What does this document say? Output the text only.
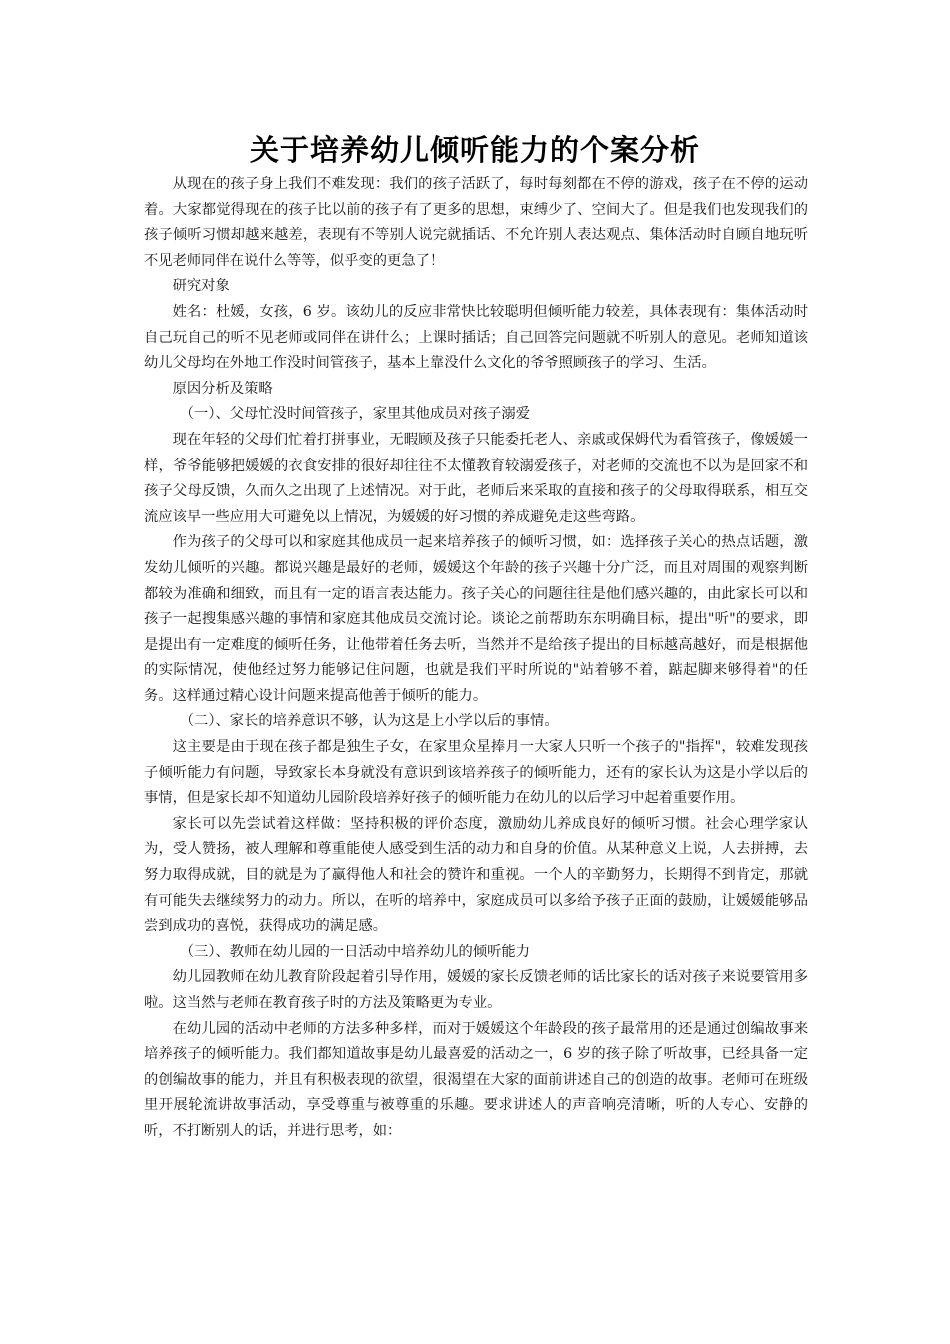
关于培养幼儿倾听能力的个案分析

从现在的孩子身上我们不难发现：我们的孩子活跃了，每时每刻都在不停的游戏，孩子在不停的运动着。大家都觉得现在的孩子比以前的孩子有了更多的思想，束缚少了、空间大了。但是我们也发现我们的孩子倾听习惯却越来越差，表现有不等别人说完就插话、不允许别人表达观点、集体活动时自顾自地玩听不见老师同伴在说什么等等，似乎变的更急了！

研究对象

姓名：杜媛，女孩，6 岁。该幼儿的反应非常快比较聪明但倾听能力较差，具体表现有：集体活动时自己玩自己的听不见老师或同伴在讲什么；上课时插话；自己回答完问题就不听别人的意见。老师知道该幼儿父母均在外地工作没时间管孩子，基本上靠没什么文化的爷爷照顾孩子的学习、生活。

原因分析及策略

（一）、父母忙没时间管孩子，家里其他成员对孩子溺爱

现在年轻的父母们忙着打拼事业，无暇顾及孩子只能委托老人、亲戚或保姆代为看管孩子，像媛媛一样，爷爷能够把媛媛的衣食安排的很好却往往不太懂教育较溺爱孩子，对老师的交流也不以为是回家不和孩子父母反馈，久而久之出现了上述情况。对于此，老师后来采取的直接和孩子的父母取得联系，相互交流应该早一些应用大可避免以上情况，为媛媛的好习惯的养成避免走这些弯路。

作为孩子的父母可以和家庭其他成员一起来培养孩子的倾听习惯，如：选择孩子关心的热点话题，激发幼儿倾听的兴趣。都说兴趣是最好的老师，媛媛这个年龄的孩子兴趣十分广泛，而且对周围的观察判断都较为准确和细致，而且有一定的语言表达能力。孩子关心的问题往往是他们感兴趣的，由此家长可以和孩子一起搜集感兴趣的事情和家庭其他成员交流讨论。谈论之前帮助东东明确目标，提出"听"的要求，即是提出有一定难度的倾听任务，让他带着任务去听，当然并不是给孩子提出的目标越高越好，而是根据他的实际情况，使他经过努力能够记住问题，也就是我们平时所说的"站着够不着，踮起脚来够得着"的任务。这样通过精心设计问题来提高他善于倾听的能力。

（二）、家长的培养意识不够，认为这是上小学以后的事情。

这主要是由于现在孩子都是独生子女，在家里众星捧月一大家人只听一个孩子的"指挥"，较难发现孩子倾听能力有问题，导致家长本身就没有意识到该培养孩子的倾听能力，还有的家长认为这是小学以后的事情，但是家长却不知道幼儿园阶段培养好孩子的倾听能力在幼儿的以后学习中起着重要作用。

家长可以先尝试着这样做：坚持积极的评价态度，激励幼儿养成良好的倾听习惯。社会心理学家认为，受人赞扬，被人理解和尊重能使人感受到生活的动力和自身的价值。从某种意义上说，人去拼搏，去努力取得成就，目的就是为了赢得他人和社会的赞许和重视。一个人的辛勤努力，长期得不到肯定，那就有可能失去继续努力的动力。所以，在听的培养中，家庭成员可以多给予孩子正面的鼓励，让媛媛能够品尝到成功的喜悦，获得成功的满足感。

（三）、教师在幼儿园的一日活动中培养幼儿的倾听能力

幼儿园教师在幼儿教育阶段起着引导作用，媛媛的家长反馈老师的话比家长的话对孩子来说要管用多啦。这当然与老师在教育孩子时的方法及策略更为专业。

在幼儿园的活动中老师的方法多种多样，而对于媛媛这个年龄段的孩子最常用的还是通过创编故事来培养孩子的倾听能力。我们都知道故事是幼儿最喜爱的活动之一，6 岁的孩子除了听故事，已经具备一定的创编故事的能力，并且有积极表现的欲望，很渴望在大家的面前讲述自己的创造的故事。老师可在班级里开展轮流讲故事活动，享受尊重与被尊重的乐趣。要求讲述人的声音响亮清晰，听的人专心、安静的听，不打断别人的话，并进行思考，如：
